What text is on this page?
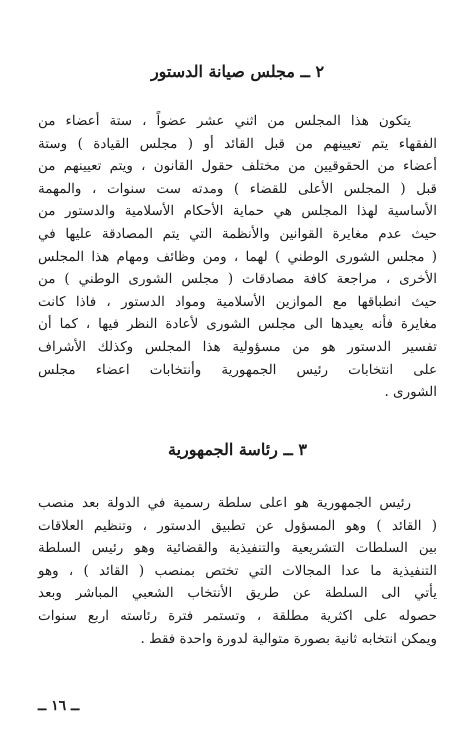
٢ ــ مجلس صيانة الدستور

يتكون هذا المجلس من اثني عشر عضواً ، ستة أعضاء من
الفقهاء يتم تعيينهم من قبل القائد أو ( مجلس القيادة ) وستة
أعضاء من الحقوقيين من مختلف حقول القانون ، ويتم تعيينهم من
قبل ( المجلس الأعلى للقضاء ) ومدته ست سنوات ، والمهمة
الأساسية لهذا المجلس هي حماية الأحكام الأسلامية والدستور من
حيث عدم مغايرة القوانين والأنظمة التي يتم المصادقة عليها في
( مجلس الشورى الوطني ) لهما ، ومن وظائف ومهام هذا المجلس
الأخرى ، مراجعة كافة مصادقات ( مجلس الشورى الوطني ) من
حيث انطباقها مع الموازين الأسلامية ومواد الدستور ، فاذا كانت
مغايرة فأنه يعيدها الى مجلس الشورى لأعادة النظر فيها ، كما أن
تفسير الدستور هو من مسؤولية هذا المجلس وكذلك الأشراف
على انتخابات رئيس الجمهورية وأنتخابات اعضاء مجلس
الشورى .

٣ ــ رئاسة الجمهورية

رئيس الجمهورية هو اعلى سلطة رسمية في الدولة بعد منصب
( القائد ) وهو المسؤول عن تطبيق الدستور ، وتنظيم العلاقات
بين السلطات التشريعية والتنفيذية والقضائية وهو رئيس السلطة
التنفيذية ما عدا المجالات التي تختص بمنصب ( القائد ) ، وهو
يأتي الى السلطة عن طريق الأنتخاب الشعبي المباشر وبعد
حصوله على اكثرية مطلقة ، وتستمر فترة رئاسته اربع سنوات
ويمكن انتخابه ثانية بصورة متوالية لدورة واحدة فقط .

ــ ١٦ ــ
